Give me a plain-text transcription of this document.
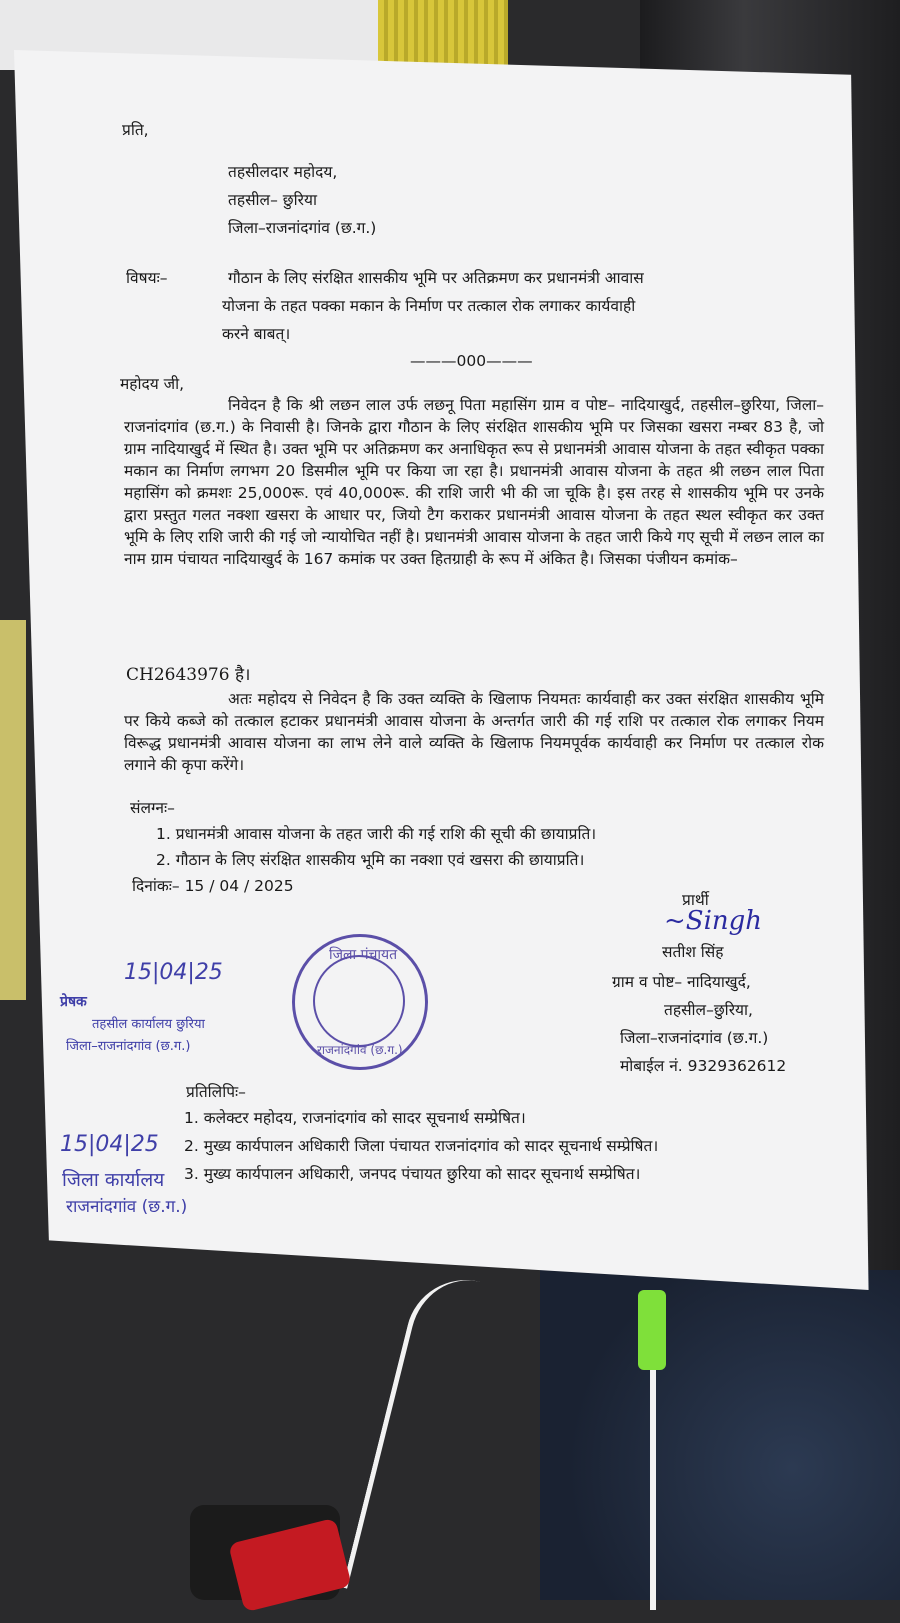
प्रति,
तहसीलदार महोदय,
तहसील– छुरिया
जिला–राजनांदगांव (छ.ग.)
विषयः–	गौठान के लिए संरक्षित शासकीय भूमि पर अतिक्रमण कर प्रधानमंत्री आवास
योजना के तहत पक्का मकान के निर्माण पर तत्काल रोक लगाकर कार्यवाही
करने बाबत्।
———000———
महोदय जी,
निवेदन है कि श्री लछन लाल उर्फ लछनू पिता महासिंग ग्राम व पोष्ट– नादियाखुर्द, तहसील–छुरिया, जिला–राजनांदगांव (छ.ग.) के निवासी है। जिनके द्वारा गौठान के लिए संरक्षित शासकीय भूमि पर जिसका खसरा नम्बर 83 है, जो ग्राम नादियाखुर्द में स्थित है। उक्त भूमि पर अतिक्रमण कर अनाधिकृत रूप से प्रधानमंत्री आवास योजना के तहत स्वीकृत पक्का मकान का निर्माण लगभग 20 डिसमील भूमि पर किया जा रहा है। प्रधानमंत्री आवास योजना के तहत श्री लछन लाल पिता महासिंग को क्रमशः 25,000रू. एवं 40,000रू. की राशि जारी भी की जा चूकि है। इस तरह से शासकीय भूमि पर उनके द्वारा प्रस्तुत गलत नक्शा खसरा के आधार पर, जियो टैग कराकर प्रधानमंत्री आवास योजना के तहत स्थल स्वीकृत कर उक्त भूमि के लिए राशि जारी की गई जो न्यायोचित नहीं है। प्रधानमंत्री आवास योजना के तहत जारी किये गए सूची में लछन लाल का नाम ग्राम पंचायत नादियाखुर्द के 167 कमांक पर उक्त हितग्राही के रूप में अंकित है। जिसका पंजीयन कमांक–
CH2643976 है।
अतः महोदय से निवेदन है कि उक्त व्यक्ति के खिलाफ नियमतः कार्यवाही कर उक्त संरक्षित शासकीय भूमि पर किये कब्जे को तत्काल हटाकर प्रधानमंत्री आवास योजना के अन्तर्गत जारी की गई राशि पर तत्काल रोक लगाकर नियम विरूद्ध प्रधानमंत्री आवास योजना का लाभ लेने वाले व्यक्ति के खिलाफ नियमपूर्वक कार्यवाही कर निर्माण पर तत्काल रोक लगाने की कृपा करेंगे।
संलग्नः–
1. प्रधानमंत्री आवास योजना के तहत जारी की गई राशि की सूची की छायाप्रति।
2. गौठान के लिए संरक्षित शासकीय भूमि का नक्शा एवं खसरा की छायाप्रति।
दिनांकः– 15 / 04 / 2025
प्रार्थी
~Singh
सतीश सिंह
ग्राम व पोष्ट– नादियाखुर्द,
तहसील–छुरिया,
जिला–राजनांदगांव (छ.ग.)
मोबाईल नं. 9329362612
प्रतिलिपिः–
1. कलेक्टर महोदय, राजनांदगांव को सादर सूचनार्थ सम्प्रेषित।
2. मुख्य कार्यपालन अधिकारी जिला पंचायत राजनांदगांव को सादर सूचनार्थ सम्प्रेषित।
3. मुख्य कार्यपालन अधिकारी, जनपद पंचायत छुरिया को सादर सूचनार्थ सम्प्रेषित।
15|04|25
प्रेषक
तहसील कार्यालय छुरिया
जिला–राजनांदगांव (छ.ग.)
जिला पंचायत
राजनांदगांव (छ.ग.)
15|04|25
जिला कार्यालय
राजनांदगांव (छ.ग.)
